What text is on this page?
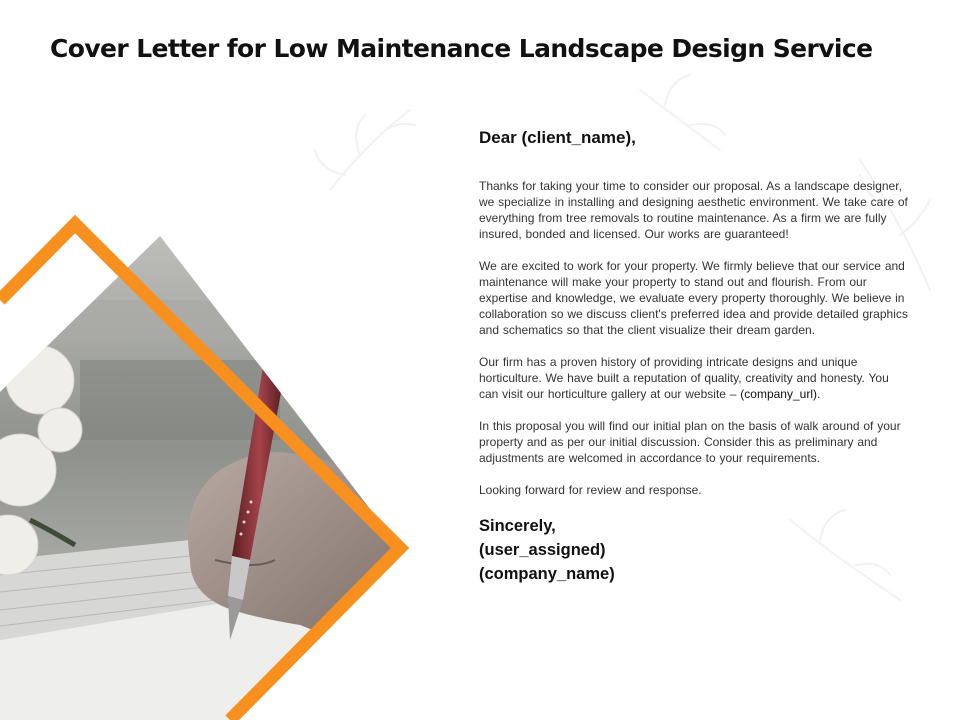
Cover Letter for Low Maintenance Landscape Design Service
Dear (client_name),

Thanks for taking your time to consider our proposal. As a landscape designer, we specialize in installing and designing aesthetic environment. We take care of everything from tree removals to routine maintenance. As a firm we are fully insured, bonded and licensed. Our works are guaranteed!

We are excited to work for your property. We firmly believe that our service and maintenance will make your property to stand out and flourish. From our expertise and knowledge, we evaluate every property thoroughly. We believe in collaboration so we discuss client's preferred idea and provide detailed graphics and schematics so that the client visualize their dream garden.

Our firm has a proven history of providing intricate designs and unique horticulture. We have built a reputation of quality, creativity and honesty. You can visit our horticulture gallery at our website – (company_url).

In this proposal you will find our initial plan on the basis of walk around of your property and as per our initial discussion. Consider this as preliminary and adjustments are welcomed in accordance to your requirements.

Looking forward for review and response.

Sincerely,
(user_assigned)
(company_name)
